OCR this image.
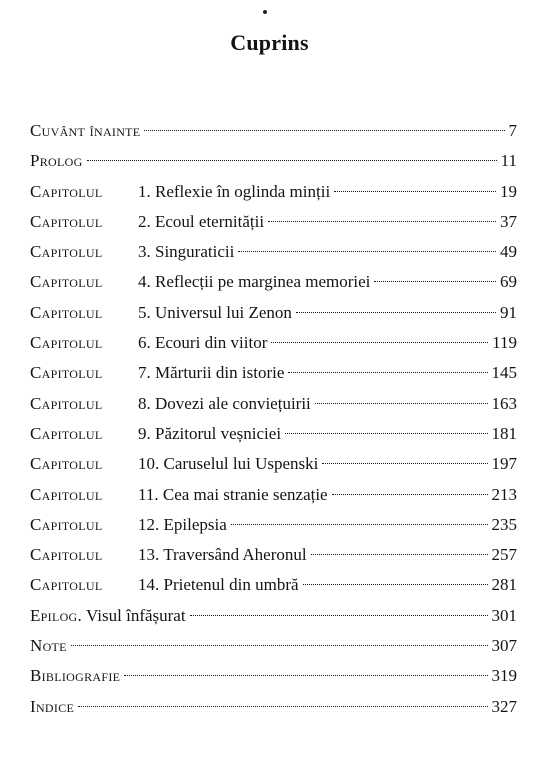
Cuprins
Cuvânt înainte	7
Prolog	11
Capitolul 1. Reflexie în oglinda minții	19
Capitolul 2. Ecoul eternității	37
Capitolul 3. Singuraticii	49
Capitolul 4. Reflecții pe marginea memoriei	69
Capitolul 5. Universul lui Zenon	91
Capitolul 6. Ecouri din viitor	119
Capitolul 7. Mărturii din istorie	145
Capitolul 8. Dovezi ale conviețuirii	163
Capitolul 9. Păzitorul veșniciei	181
Capitolul 10. Caruselul lui Uspenski	197
Capitolul 11. Cea mai stranie senzație	213
Capitolul 12. Epilepsia	235
Capitolul 13. Traversând Aheronul	257
Capitolul 14. Prietenul din umbră	281
Epilog. Visul înfășurat	301
Note	307
Bibliografie	319
Indice	327
